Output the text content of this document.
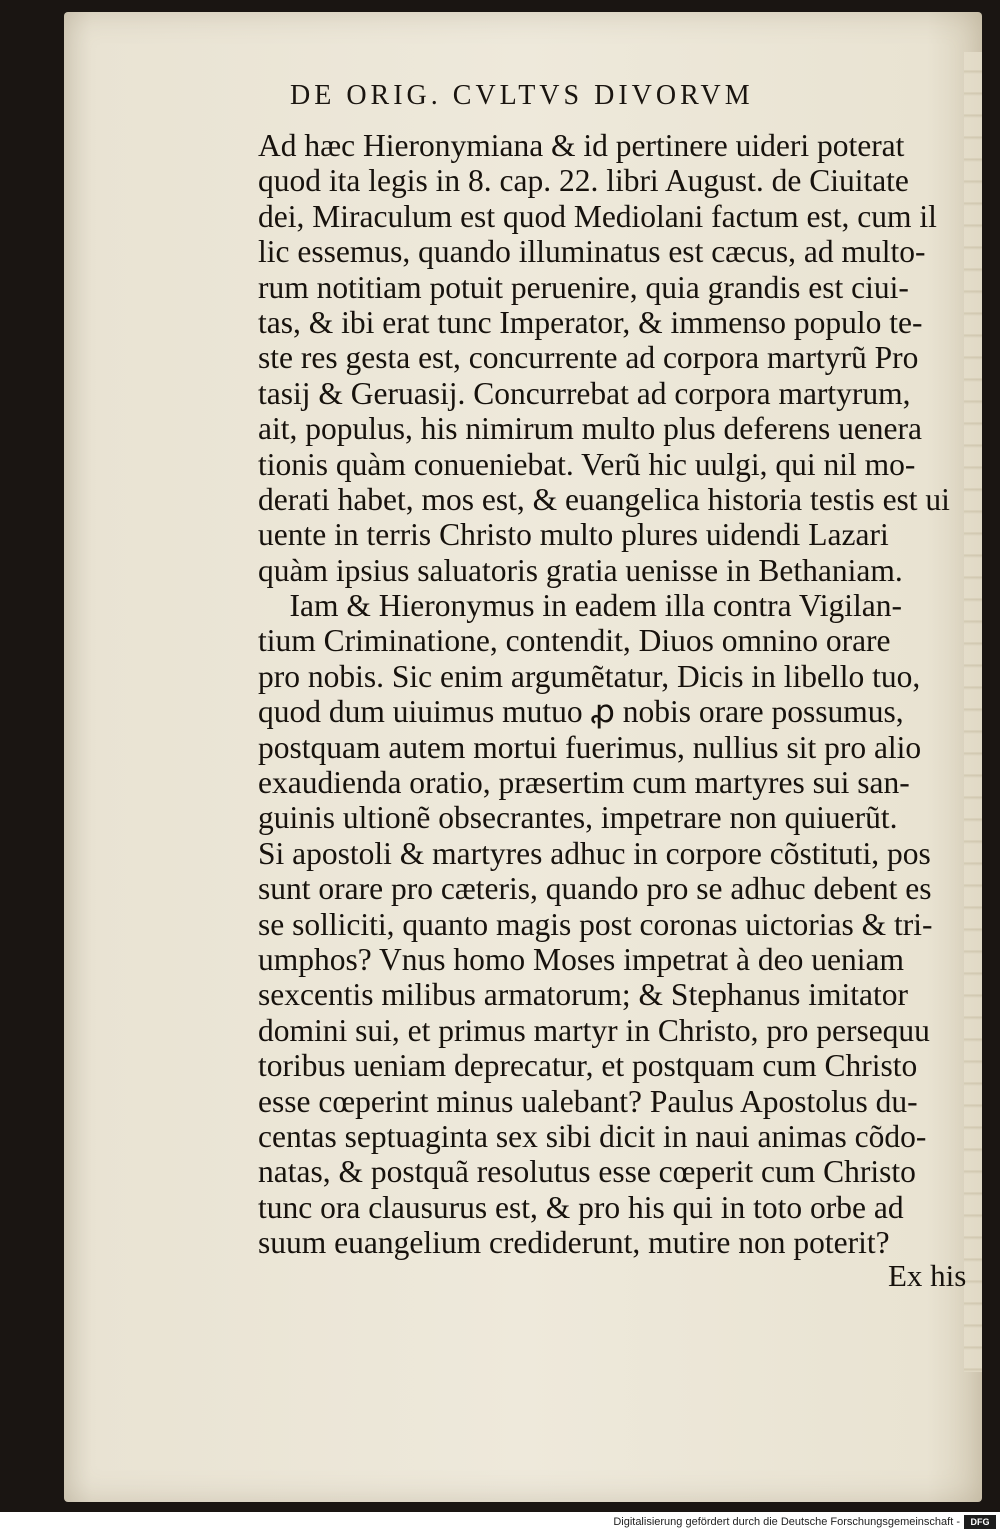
DE ORIG. CVLTVS DIVORVM
Ad hæc Hieronymiana & id pertinere uideri poterat
quod ita legis in 8. cap. 22. libri August. de Ciuitate
dei, Miraculum est quod Mediolani factum est, cum il
lic essemus, quando illuminatus est cæcus, ad multo-
rum notitiam potuit peruenire, quia grandis est ciui-
tas, & ibi erat tunc Imperator, & immenso populo te-
ste res gesta est, concurrente ad corpora martyrũ Pro
tasij & Geruasij. Concurrebat ad corpora martyrum,
ait, populus, his nimirum multo plus deferens uenera
tionis quàm conueniebat. Verũ hic uulgi, qui nil mo-
derati habet, mos est, & euangelica historia testis est ui
uente in terris Christo multo plures uidendi Lazari
quàm ipsius saluatoris gratia uenisse in Bethaniam.
Iam & Hieronymus in eadem illa contra Vigilan-
tium Criminatione, contendit, Diuos omnino orare
pro nobis. Sic enim argumẽtatur, Dicis in libello tuo,
quod dum uiuimus mutuo ꝓ nobis orare possumus,
postquam autem mortui fuerimus, nullius sit pro alio
exaudienda oratio, præsertim cum martyres sui san-
guinis ultionẽ obsecrantes, impetrare non quiuerũt.
Si apostoli & martyres adhuc in corpore cõstituti, pos
sunt orare pro cæteris, quando pro se adhuc debent es
se solliciti, quanto magis post coronas uictorias & tri-
umphos? Vnus homo Moses impetrat à deo ueniam
sexcentis milibus armatorum; & Stephanus imitator
domini sui, et primus martyr in Christo, pro persequu
toribus ueniam deprecatur, et postquam cum Christo
esse cœperint minus ualebant? Paulus Apostolus du-
centas septuaginta sex sibi dicit in naui animas cõdo-
natas, & postquã resolutus esse cœperit cum Christo
tunc ora clausurus est, & pro his qui in toto orbe ad
suum euangelium crediderunt, mutire non poterit?
Ex his
Digitalisierung gefördert durch die Deutsche Forschungsgemeinschaft -	DFG
